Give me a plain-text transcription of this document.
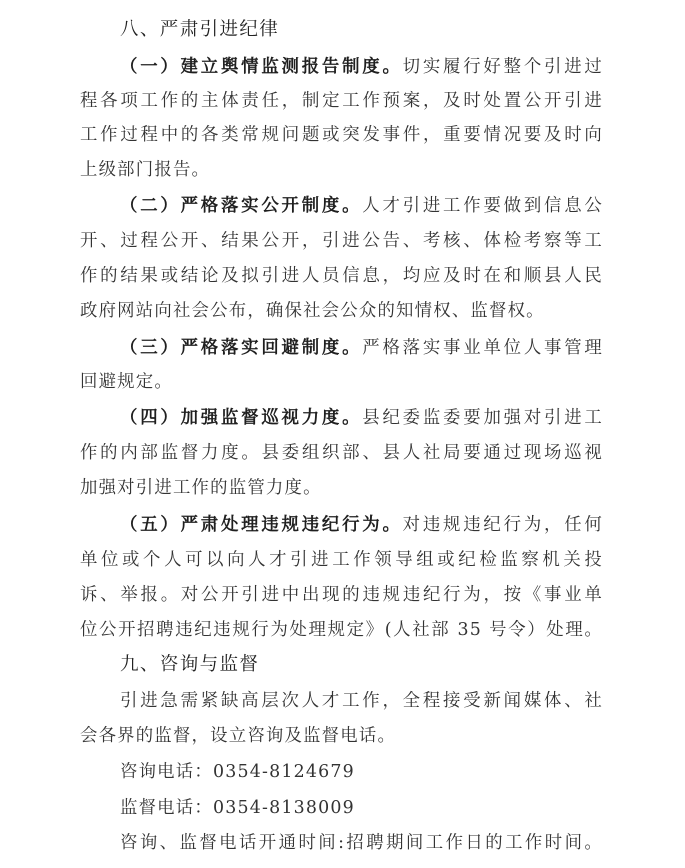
八、严肃引进纪律
（一）建立舆情监测报告制度。切实履行好整个引进过
程各项工作的主体责任，制定工作预案，及时处置公开引进
工作过程中的各类常规问题或突发事件，重要情况要及时向
上级部门报告。
（二）严格落实公开制度。人才引进工作要做到信息公
开、过程公开、结果公开，引进公告、考核、体检考察等工
作的结果或结论及拟引进人员信息，均应及时在和顺县人民
政府网站向社会公布，确保社会公众的知情权、监督权。
（三）严格落实回避制度。严格落实事业单位人事管理
回避规定。
（四）加强监督巡视力度。县纪委监委要加强对引进工
作的内部监督力度。县委组织部、县人社局要通过现场巡视
加强对引进工作的监管力度。
（五）严肃处理违规违纪行为。对违规违纪行为，任何
单位或个人可以向人才引进工作领导组或纪检监察机关投
诉、举报。对公开引进中出现的违规违纪行为，按《事业单
位公开招聘违纪违规行为处理规定》(人社部 35 号令）处理。
九、咨询与监督
引进急需紧缺高层次人才工作，全程接受新闻媒体、社
会各界的监督，设立咨询及监督电话。
咨询电话：0354-8124679
监督电话：0354-8138009
咨询、监督电话开通时间:招聘期间工作日的工作时间。
